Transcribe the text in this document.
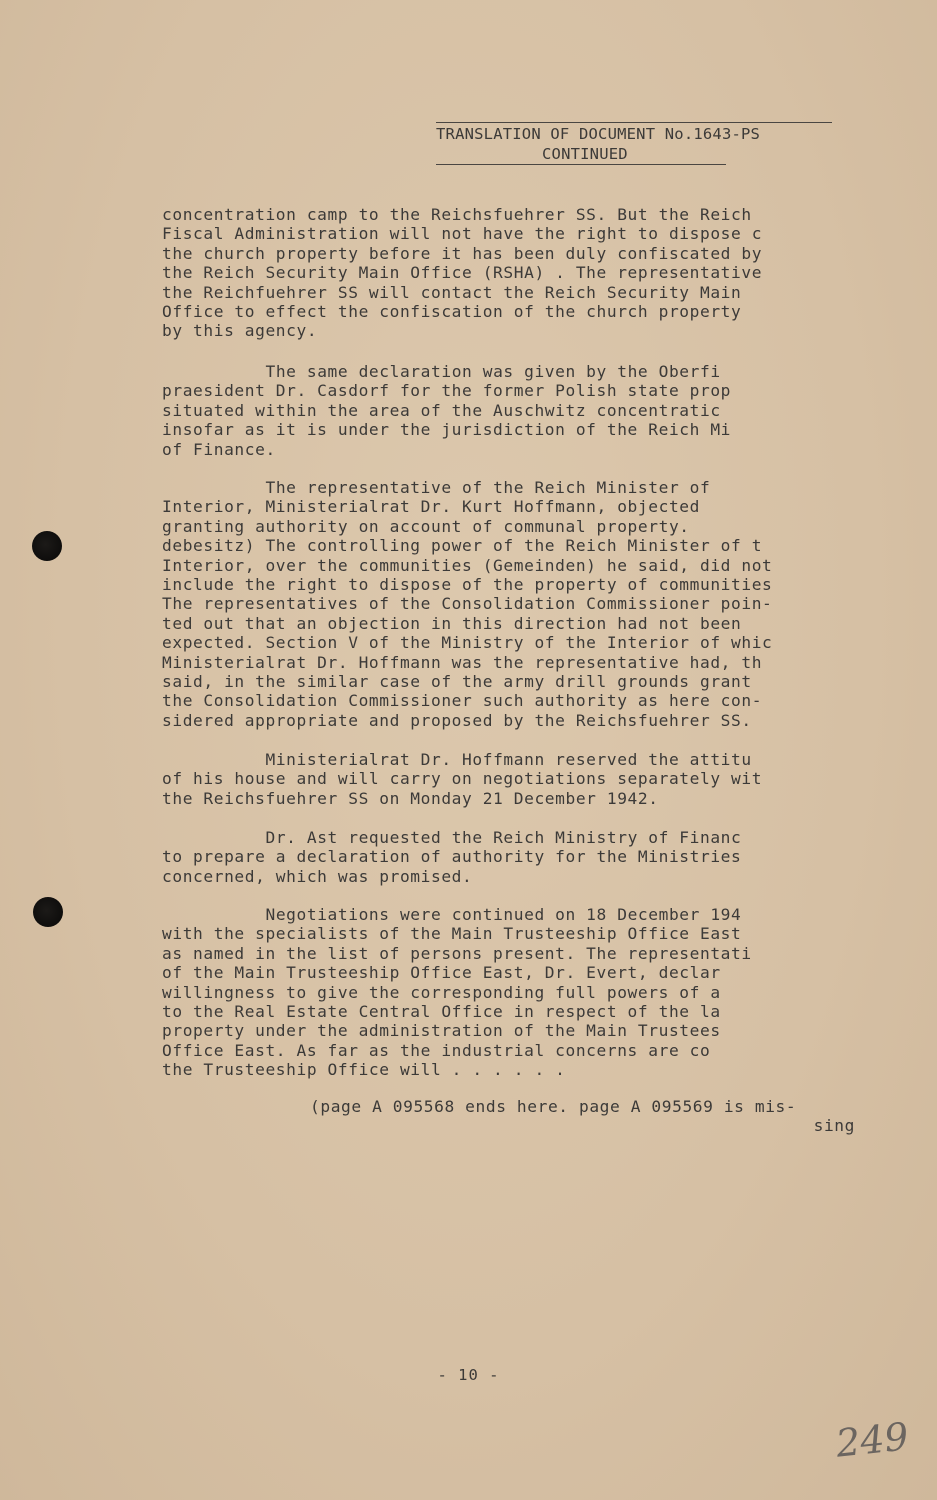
TRANSLATION OF DOCUMENT No.1643-PS
CONTINUED

concentration camp to the Reichsfuehrer SS. But the Reich
Fiscal Administration will not have the right to dispose c
the church property before it has been duly confiscated by
the Reich Security Main Office (RSHA) . The representative
the Reichfuehrer SS will contact the Reich Security Main
Office to effect the confiscation of the church property
by this agency.

The same declaration was given by the Oberfi
praesident Dr. Casdorf for the former Polish state prop
situated within the area of the Auschwitz concentratic
insofar as it is under the jurisdiction of the Reich Mi
of Finance.

The representative of the Reich Minister of
Interior, Ministerialrat Dr. Kurt Hoffmann, objected
granting authority on account of communal property.
debesitz) The controlling power of the Reich Minister of t
Interior, over the communities (Gemeinden) he said, did not
include the right to dispose of the property of communities
The representatives of the Consolidation Commissioner poin-
ted out that an objection in this direction had not been
expected. Section V of the Ministry of the Interior of whic
Ministerialrat Dr. Hoffmann was the representative had, th
said, in the similar case of the army drill grounds grant
the Consolidation Commissioner such authority as here con-
sidered appropriate and proposed by the Reichsfuehrer SS.

Ministerialrat Dr. Hoffmann reserved the attitu
of his house and will carry on negotiations separately wit
the Reichsfuehrer SS on Monday 21 December 1942.

Dr. Ast requested the Reich Ministry of Financ
to prepare a declaration of authority for the Ministries
concerned, which was promised.

Negotiations were continued on 18 December 194
with the specialists of the Main Trusteeship Office East
as named in the list of persons present. The representati
of the Main Trusteeship Office East, Dr. Evert, declar
willingness to give the corresponding full powers of a
to the Real Estate Central Office in respect of the la
property under the administration of the Main Trustees
Office East. As far as the industrial concerns are co
the Trusteeship Office will . . . . . .

(page A 095568 ends here. page A 095569 is mis-
sing

- 10 -
249
